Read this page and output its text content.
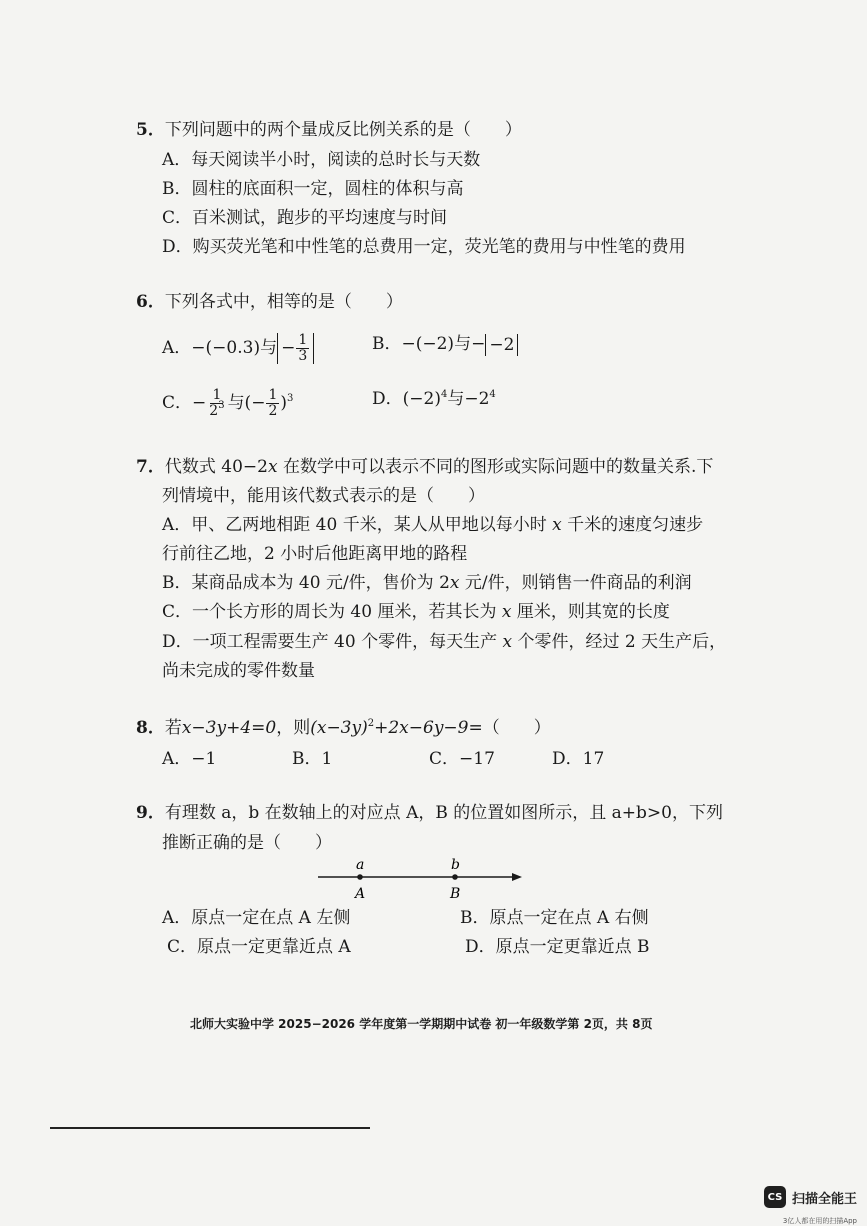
5．下列问题中的两个量成反比例关系的是（　　）
A．每天阅读半小时，阅读的总时长与天数
B．圆柱的底面积一定，圆柱的体积与高
C．百米测试，跑步的平均速度与时间
D．购买荧光笔和中性笔的总费用一定，荧光笔的费用与中性笔的费用
6．下列各式中，相等的是（　　）
A．−(−0.3)与 − $\frac{1}{3}$	B．−(−2)与− −2
C．− $\frac{1}{2^3}$ 与(− $\frac{1}{2} )^3$	D．$(-2)^4$与$-2^4$
7．代数式 40−2x 在数学中可以表示不同的图形或实际问题中的数量关系.下
列情境中，能用该代数式表示的是（　　）
A．甲、乙两地相距 40 千米，某人从甲地以每小时 x 千米的速度匀速步
行前往乙地，2 小时后他距离甲地的路程
B．某商品成本为 40 元/件，售价为 2x 元/件，则销售一件商品的利润
C．一个长方形的周长为 40 厘米，若其长为 x 厘米，则其宽的长度
D．一项工程需要生产 40 个零件，每天生产 x 个零件，经过 2 天生产后，
尚未完成的零件数量
8．若x−3y+4=0，则$(x-3y)^2+2x-6y-9=$（　　）
A．−1	B．1	C．−17	D．17
9．有理数 a，b 在数轴上的对应点 A，B 的位置如图所示，且 a+b>0，下列
推断正确的是（　　）
a	b
A	B
A．原点一定在点 A 左侧	B．原点一定在点 A 右侧
C．原点一定更靠近点 A	D．原点一定更靠近点 B
北师大实验中学 2025−2026 学年度第一学期期中试卷 初一年级数学第 2页，共 8页
CS 扫描全能王
3亿人都在用的扫描App
